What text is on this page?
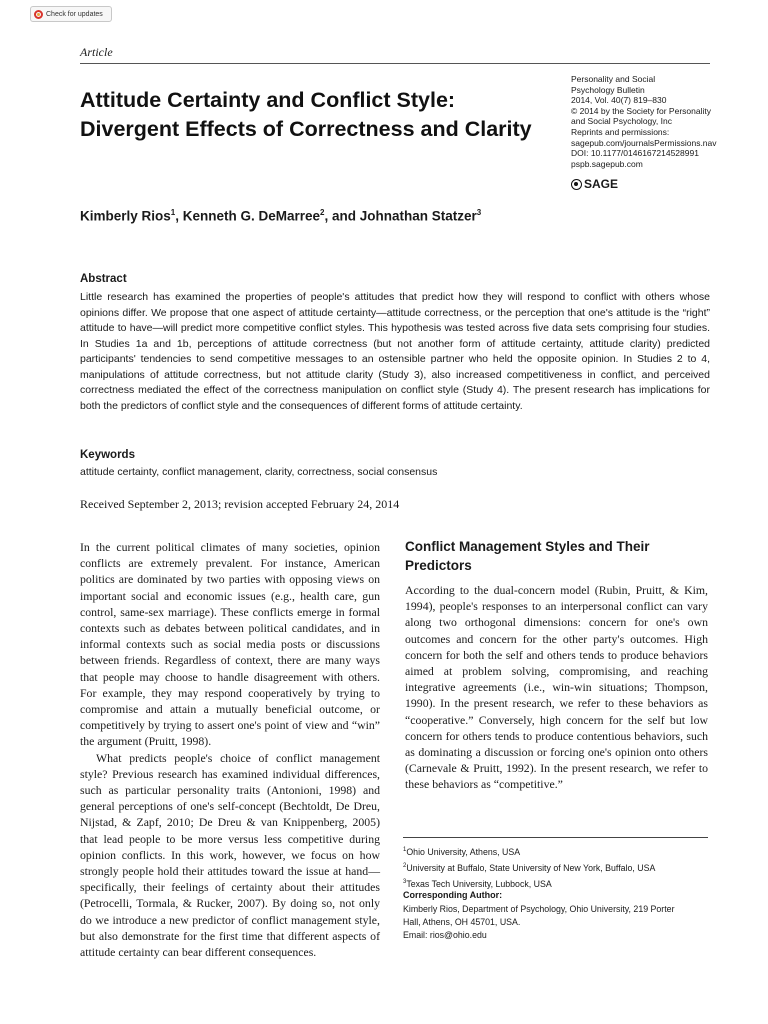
Check for updates
Article
Attitude Certainty and Conflict Style: Divergent Effects of Correctness and Clarity
Personality and Social
Psychology Bulletin
2014, Vol. 40(7) 819–830
© 2014 by the Society for Personality
and Social Psychology, Inc
Reprints and permissions:
sagepub.com/journalsPermissions.nav
DOI: 10.1177/0146167214528991
pspb.sagepub.com
SAGE
Kimberly Rios$^1$, Kenneth G. DeMarree$^2$, and Johnathan Statzer$^3$
Abstract

Little research has examined the properties of people's attitudes that predict how they will respond to conflict with others whose opinions differ. We propose that one aspect of attitude certainty—attitude correctness, or the perception that one's attitude is the “right” attitude to have—will predict more competitive conflict styles. This hypothesis was tested across five data sets comprising four studies. In Studies 1a and 1b, perceptions of attitude correctness (but not another form of attitude certainty, attitude clarity) predicted participants' tendencies to send competitive messages to an ostensible partner who held the opposite opinion. In Studies 2 to 4, manipulations of attitude correctness, but not attitude clarity (Study 3), also increased competitiveness in conflict, and perceived correctness mediated the effect of the correctness manipulation on conflict style (Study 4). The present research has implications for both the predictors of conflict style and the consequences of different forms of attitude certainty.

Keywords
attitude certainty, conflict management, clarity, correctness, social consensus
Received September 2, 2013; revision accepted February 24, 2014

In the current political climates of many societies, opinion conflicts are extremely prevalent. For instance, American politics are dominated by two parties with opposing views on important social and economic issues (e.g., health care, gun control, same-sex marriage). These conflicts emerge in formal contexts such as debates between political candidates, and in informal contexts such as social media posts or discussions between friends. Regardless of context, there are many ways that people may choose to handle disagreement with others. For example, they may respond cooperatively by trying to compromise and attain a mutually beneficial outcome, or competitively by trying to assert one's point of view and “win” the argument (Pruitt, 1998).

What predicts people's choice of conflict management style? Previous research has examined individual differences, such as particular personality traits (Antonioni, 1998) and general perceptions of one's self-concept (Bechtoldt, De Dreu, Nijstad, & Zapf, 2010; De Dreu & van Knippenberg, 2005) that lead people to be more versus less competitive during opinion conflicts. In this work, however, we focus on how strongly people hold their attitudes toward the issue at hand—specifically, their feelings of certainty about their attitudes (Petrocelli, Tormala, & Rucker, 2007). By doing so, not only do we introduce a new predictor of conflict management style, but also demonstrate for the first time that different aspects of attitude certainty can bear different consequences.

Conflict Management Styles and Their Predictors

According to the dual-concern model (Rubin, Pruitt, & Kim, 1994), people's responses to an interpersonal conflict can vary along two orthogonal dimensions: concern for one's own outcomes and concern for the other party's outcomes. High concern for both the self and others tends to produce behaviors aimed at problem solving, compromising, and reaching integrative agreements (i.e., win-win situations; Thompson, 1990). In the present research, we refer to these behaviors as “cooperative.” Conversely, high concern for the self but low concern for others tends to produce contentious behaviors, such as dominating a discussion or forcing one's opinion onto others (Carnevale & Pruitt, 1992). In the present research, we refer to these behaviors as “competitive.”

$^1$Ohio University, Athens, USA
$^2$University at Buffalo, State University of New York, Buffalo, USA
$^3$Texas Tech University, Lubbock, USA
Corresponding Author:
Kimberly Rios, Department of Psychology, Ohio University, 219 Porter
Hall, Athens, OH 45701, USA.
Email: rios@ohio.edu
